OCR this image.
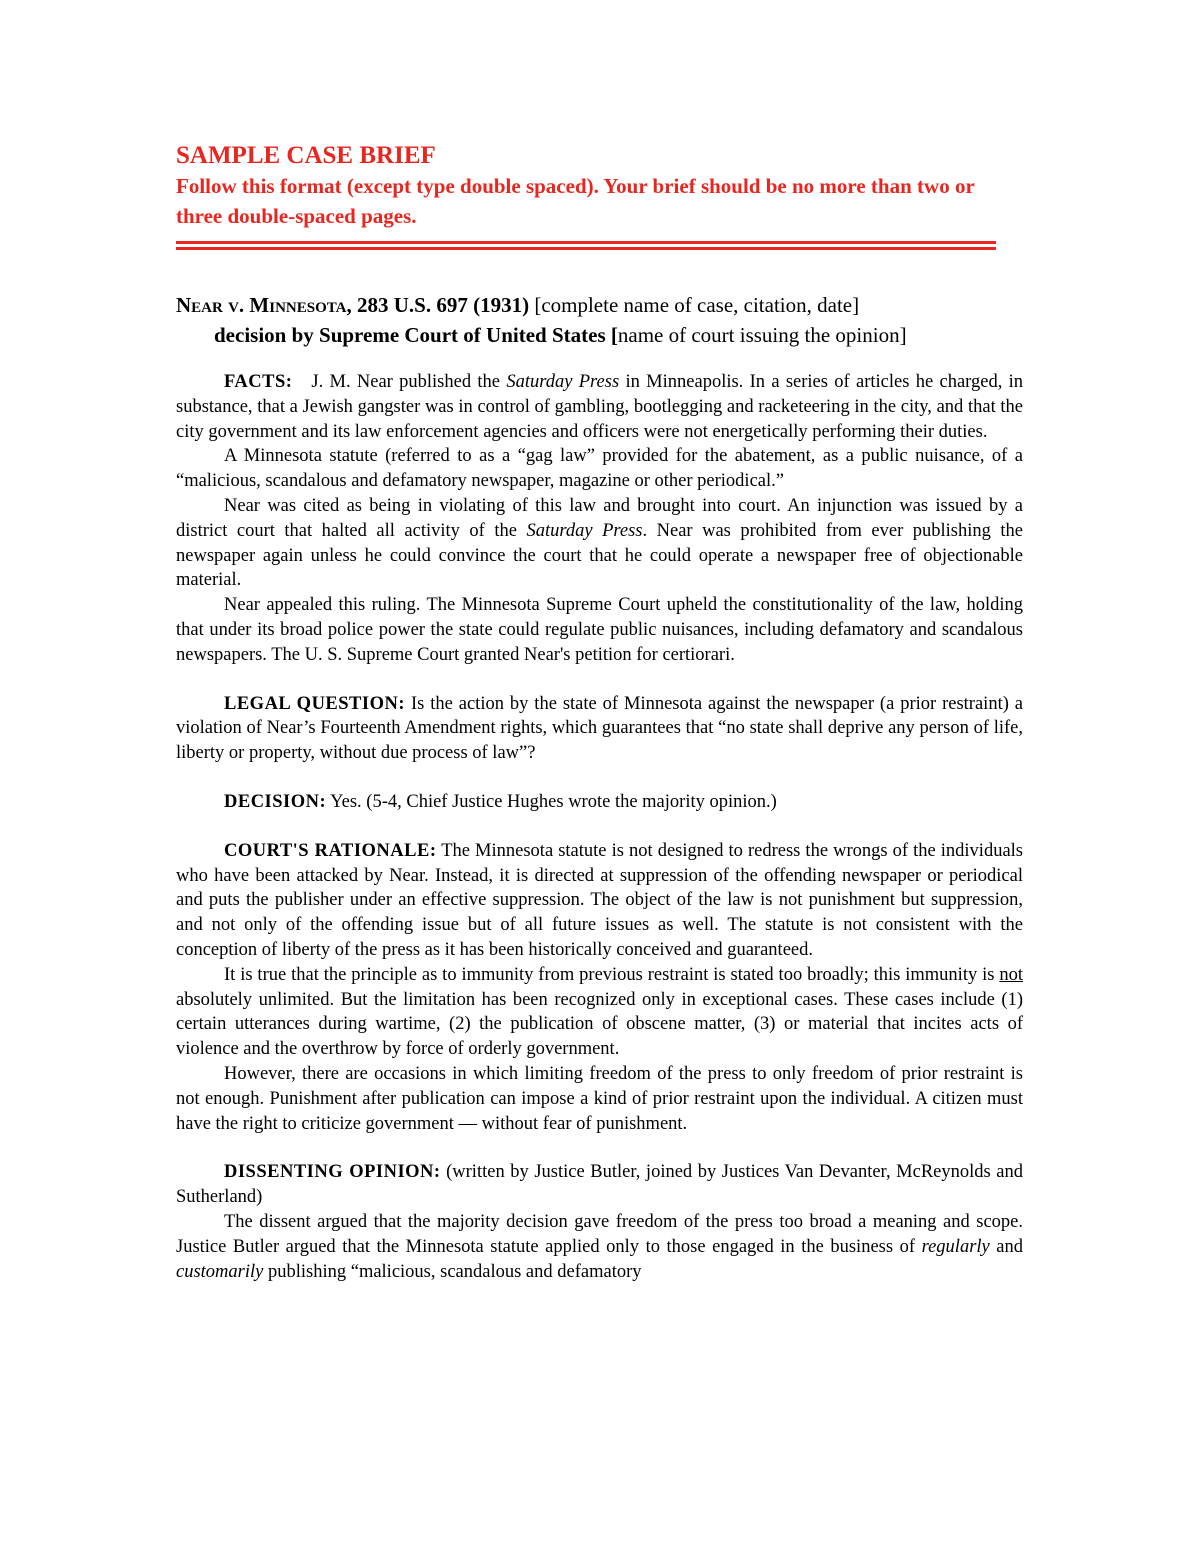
SAMPLE CASE BRIEF

Follow this format (except type double spaced). Your brief should be no more than two or three double-spaced pages.

Near v. Minnesota, 283 U.S. 697 (1931) [complete name of case, citation, date]
decision by Supreme Court of United States [name of court issuing the opinion]

FACTS: J. M. Near published the Saturday Press in Minneapolis. In a series of articles he charged, in substance, that a Jewish gangster was in control of gambling, bootlegging and racketeering in the city, and that the city government and its law enforcement agencies and officers were not energetically performing their duties.

A Minnesota statute (referred to as a “gag law” provided for the abatement, as a public nuisance, of a “malicious, scandalous and defamatory newspaper, magazine or other periodical.”

Near was cited as being in violating of this law and brought into court. An injunction was issued by a district court that halted all activity of the Saturday Press. Near was prohibited from ever publishing the newspaper again unless he could convince the court that he could operate a newspaper free of objectionable material.

Near appealed this ruling. The Minnesota Supreme Court upheld the constitutionality of the law, holding that under its broad police power the state could regulate public nuisances, including defamatory and scandalous newspapers. The U. S. Supreme Court granted Near's petition for certiorari.

LEGAL QUESTION: Is the action by the state of Minnesota against the newspaper (a prior restraint) a violation of Near’s Fourteenth Amendment rights, which guarantees that “no state shall deprive any person of life, liberty or property, without due process of law”?

DECISION: Yes. (5-4, Chief Justice Hughes wrote the majority opinion.)

COURT'S RATIONALE: The Minnesota statute is not designed to redress the wrongs of the individuals who have been attacked by Near. Instead, it is directed at suppression of the offending newspaper or periodical and puts the publisher under an effective suppression. The object of the law is not punishment but suppression, and not only of the offending issue but of all future issues as well. The statute is not consistent with the conception of liberty of the press as it has been historically conceived and guaranteed.

It is true that the principle as to immunity from previous restraint is stated too broadly; this immunity is not absolutely unlimited. But the limitation has been recognized only in exceptional cases. These cases include (1) certain utterances during wartime, (2) the publication of obscene matter, (3) or material that incites acts of violence and the overthrow by force of orderly government.

However, there are occasions in which limiting freedom of the press to only freedom of prior restraint is not enough. Punishment after publication can impose a kind of prior restraint upon the individual. A citizen must have the right to criticize government — without fear of punishment.

DISSENTING OPINION: (written by Justice Butler, joined by Justices Van Devanter, McReynolds and Sutherland)

The dissent argued that the majority decision gave freedom of the press too broad a meaning and scope. Justice Butler argued that the Minnesota statute applied only to those engaged in the business of regularly and customarily publishing “malicious, scandalous and defamatory
